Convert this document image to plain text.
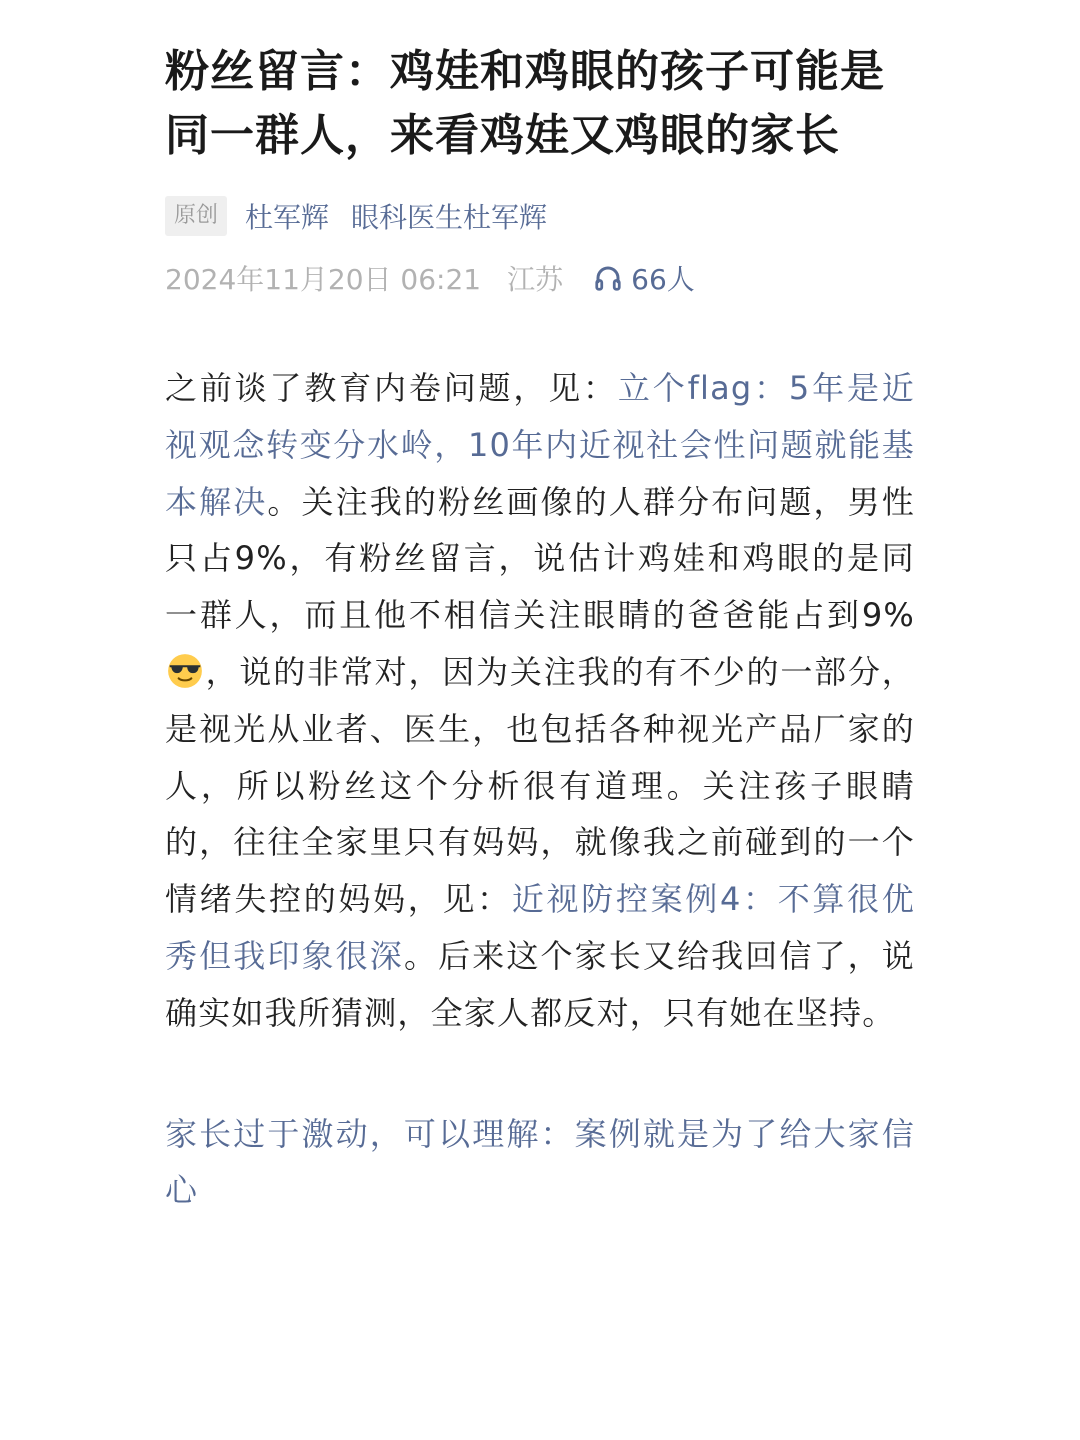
粉丝留言：鸡娃和鸡眼的孩子可能是同一群人，来看鸡娃又鸡眼的家长
原创 杜军辉 眼科医生杜军辉
2024年11月20日 06:21 江苏 66人
之前谈了教育内卷问题，见：立个flag：5年是近视观念转变分水岭，10年内近视社会性问题就能基本解决。关注我的粉丝画像的人群分布问题，男性只占9%，有粉丝留言，说估计鸡娃和鸡眼的是同一群人，而且他不相信关注眼睛的爸爸能占到9%，说的非常对，因为关注我的有不少的一部分，是视光从业者、医生，也包括各种视光产品厂家的人，所以粉丝这个分析很有道理。关注孩子眼睛的，往往全家里只有妈妈，就像我之前碰到的一个情绪失控的妈妈，见：近视防控案例4：不算很优秀但我印象很深。后来这个家长又给我回信了，说确实如我所猜测，全家人都反对，只有她在坚持。
家长过于激动，可以理解：案例就是为了给大家信心
